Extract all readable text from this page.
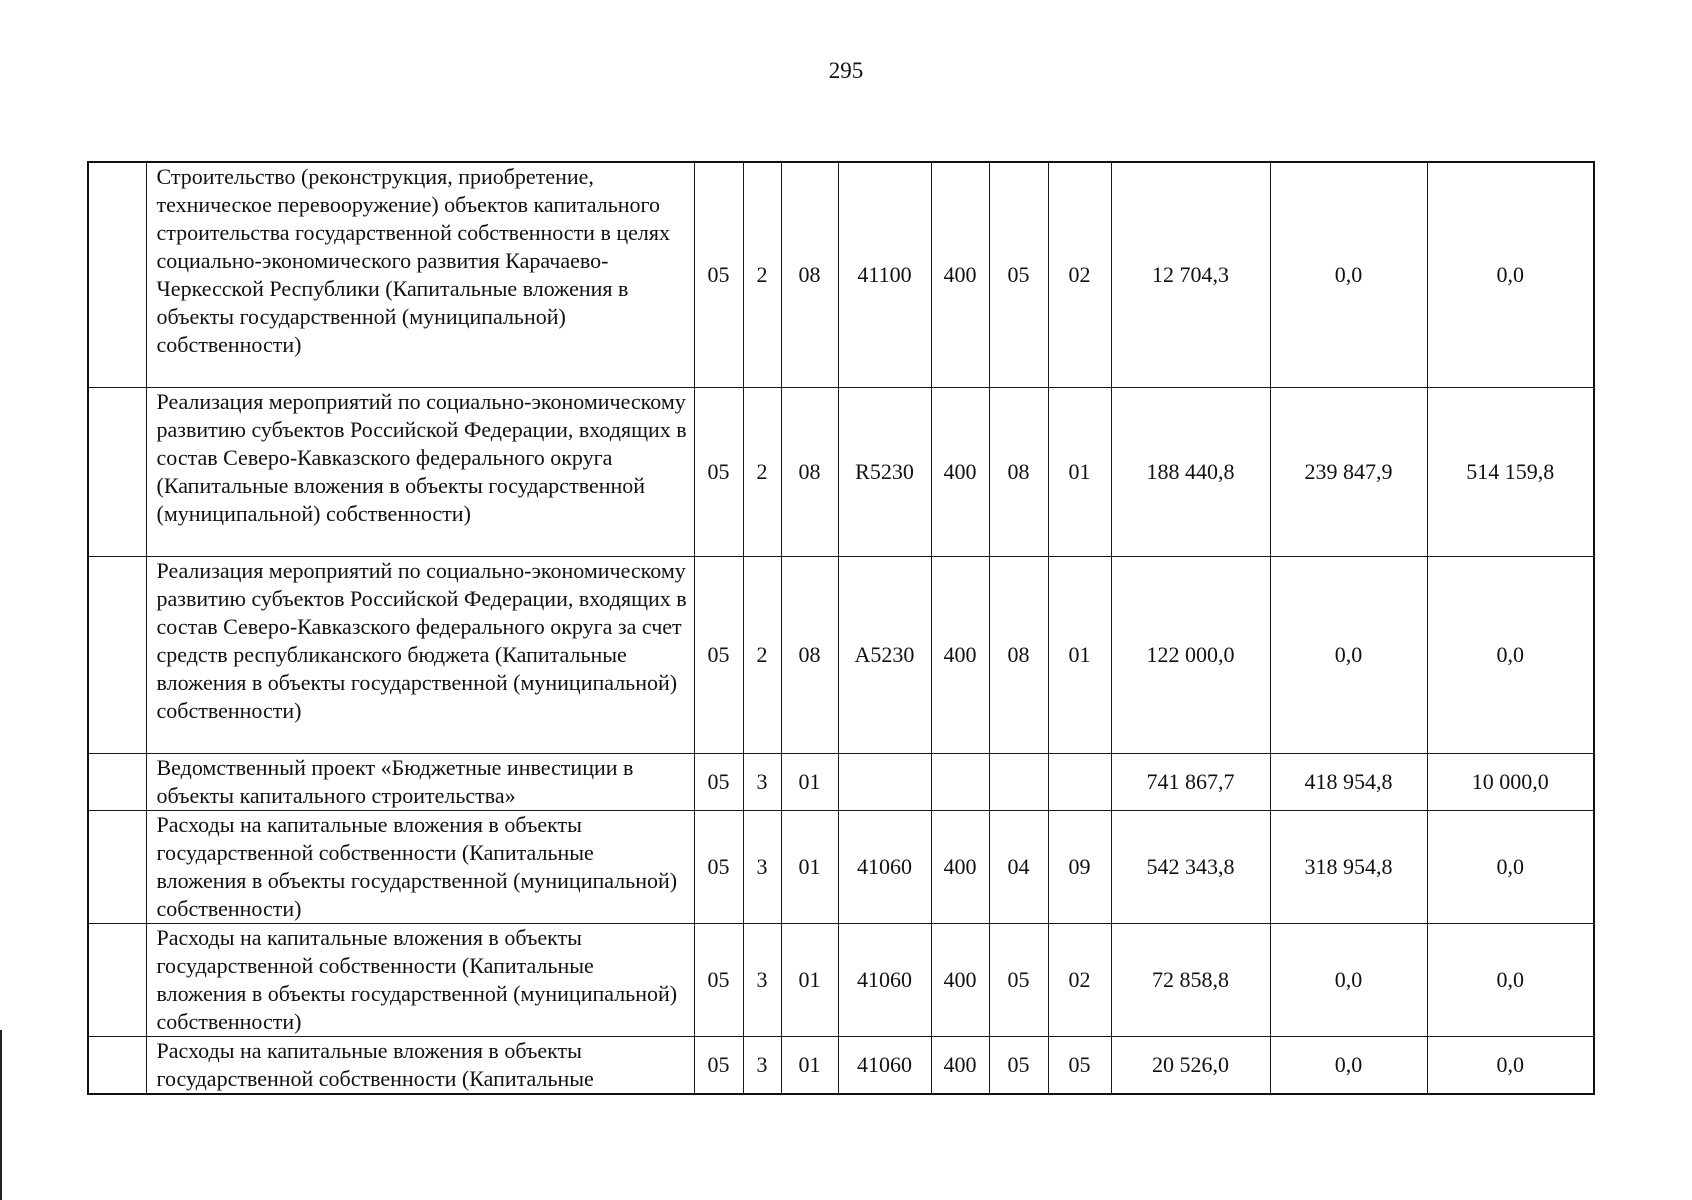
295
	Строительство (реконструкция, приобретение, техническое перевооружение) объектов капитального строительства государственной собственности в целях социально-экономического развития Карачаево-Черкесской Республики (Капитальные вложения в объекты государственной (муниципальной) собственности)	05	2	08	41100	400	05	02	12 704,3	0,0	0,0
	Реализация мероприятий по социально-экономическому развитию субъектов Российской Федерации, входящих в состав Северо-Кавказского федерального округа (Капитальные вложения в объекты государственной (муниципальной) собственности)	05	2	08	R5230	400	08	01	188 440,8	239 847,9	514 159,8
	Реализация мероприятий по социально-экономическому развитию субъектов Российской Федерации, входящих в состав Северо-Кавказского федерального округа за счет средств республиканского бюджета (Капитальные вложения в объекты государственной (муниципальной) собственности)	05	2	08	A5230	400	08	01	122 000,0	0,0	0,0
	Ведомственный проект «Бюджетные инвестиции в объекты капитального строительства»	05	3	01					741 867,7	418 954,8	10 000,0
	Расходы на капитальные вложения в объекты государственной собственности (Капитальные вложения в объекты государственной (муниципальной) собственности)	05	3	01	41060	400	04	09	542 343,8	318 954,8	0,0
	Расходы на капитальные вложения в объекты государственной собственности (Капитальные вложения в объекты государственной (муниципальной) собственности)	05	3	01	41060	400	05	02	72 858,8	0,0	0,0
	Расходы на капитальные вложения в объекты государственной собственности (Капитальные	05	3	01	41060	400	05	05	20 526,0	0,0	0,0
